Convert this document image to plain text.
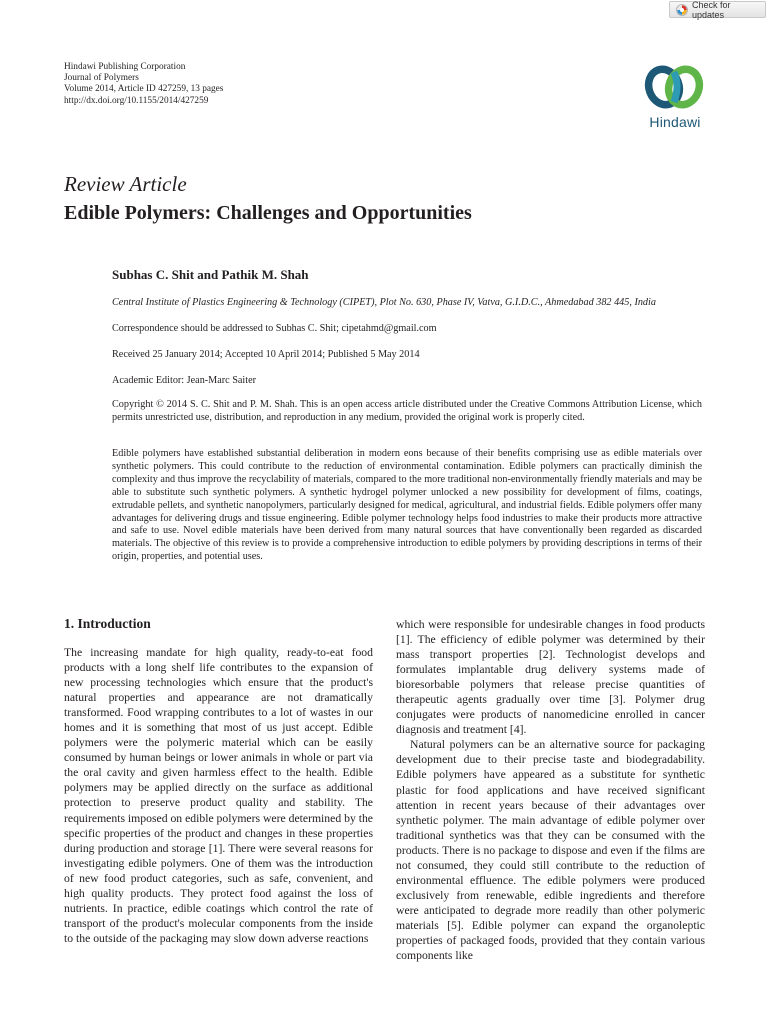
Check for updates
Hindawi Publishing Corporation
Journal of Polymers
Volume 2014, Article ID 427259, 13 pages
http://dx.doi.org/10.1155/2014/427259
Hindawi
Review Article
Edible Polymers: Challenges and Opportunities
Subhas C. Shit and Pathik M. Shah
Central Institute of Plastics Engineering & Technology (CIPET), Plot No. 630, Phase IV, Vatva, G.I.D.C., Ahmedabad 382 445, India
Correspondence should be addressed to Subhas C. Shit; cipetahmd@gmail.com
Received 25 January 2014; Accepted 10 April 2014; Published 5 May 2014
Academic Editor: Jean-Marc Saiter
Copyright © 2014 S. C. Shit and P. M. Shah. This is an open access article distributed under the Creative Commons Attribution License, which permits unrestricted use, distribution, and reproduction in any medium, provided the original work is properly cited.
Edible polymers have established substantial deliberation in modern eons because of their benefits comprising use as edible materials over synthetic polymers. This could contribute to the reduction of environmental contamination. Edible polymers can practically diminish the complexity and thus improve the recyclability of materials, compared to the more traditional non-environmentally friendly materials and may be able to substitute such synthetic polymers. A synthetic hydrogel polymer unlocked a new possibility for development of films, coatings, extrudable pellets, and synthetic nanopolymers, particularly designed for medical, agricultural, and industrial fields. Edible polymers offer many advantages for delivering drugs and tissue engineering. Edible polymer technology helps food industries to make their products more attractive and safe to use. Novel edible materials have been derived from many natural sources that have conventionally been regarded as discarded materials. The objective of this review is to provide a comprehensive introduction to edible polymers by providing descriptions in terms of their origin, properties, and potential uses.
1. Introduction

The increasing mandate for high quality, ready-to-eat food products with a long shelf life contributes to the expansion of new processing technologies which ensure that the product's natural properties and appearance are not dramatically transformed. Food wrapping contributes to a lot of wastes in our homes and it is something that most of us just accept. Edible polymers were the polymeric material which can be easily consumed by human beings or lower animals in whole or part via the oral cavity and given harmless effect to the health. Edible polymers may be applied directly on the surface as additional protection to preserve product quality and stability. The requirements imposed on edible polymers were determined by the specific properties of the product and changes in these properties during production and storage [1]. There were several reasons for investigating edible polymers. One of them was the introduction of new food product categories, such as safe, convenient, and high quality products. They protect food against the loss of nutrients. In practice, edible coatings which control the rate of transport of the product's molecular components from the inside to the outside of the packaging may slow down adverse reactions

which were responsible for undesirable changes in food products [1]. The efficiency of edible polymer was determined by their mass transport properties [2]. Technologist develops and formulates implantable drug delivery systems made of bioresorbable polymers that release precise quantities of therapeutic agents gradually over time [3]. Polymer drug conjugates were products of nanomedicine enrolled in cancer diagnosis and treatment [4].

Natural polymers can be an alternative source for packaging development due to their precise taste and biodegradability. Edible polymers have appeared as a substitute for synthetic plastic for food applications and have received significant attention in recent years because of their advantages over synthetic polymer. The main advantage of edible polymer over traditional synthetics was that they can be consumed with the products. There is no package to dispose and even if the films are not consumed, they could still contribute to the reduction of environmental effluence. The edible polymers were produced exclusively from renewable, edible ingredients and therefore were anticipated to degrade more readily than other polymeric materials [5]. Edible polymer can expand the organoleptic properties of packaged foods, provided that they contain various components like
